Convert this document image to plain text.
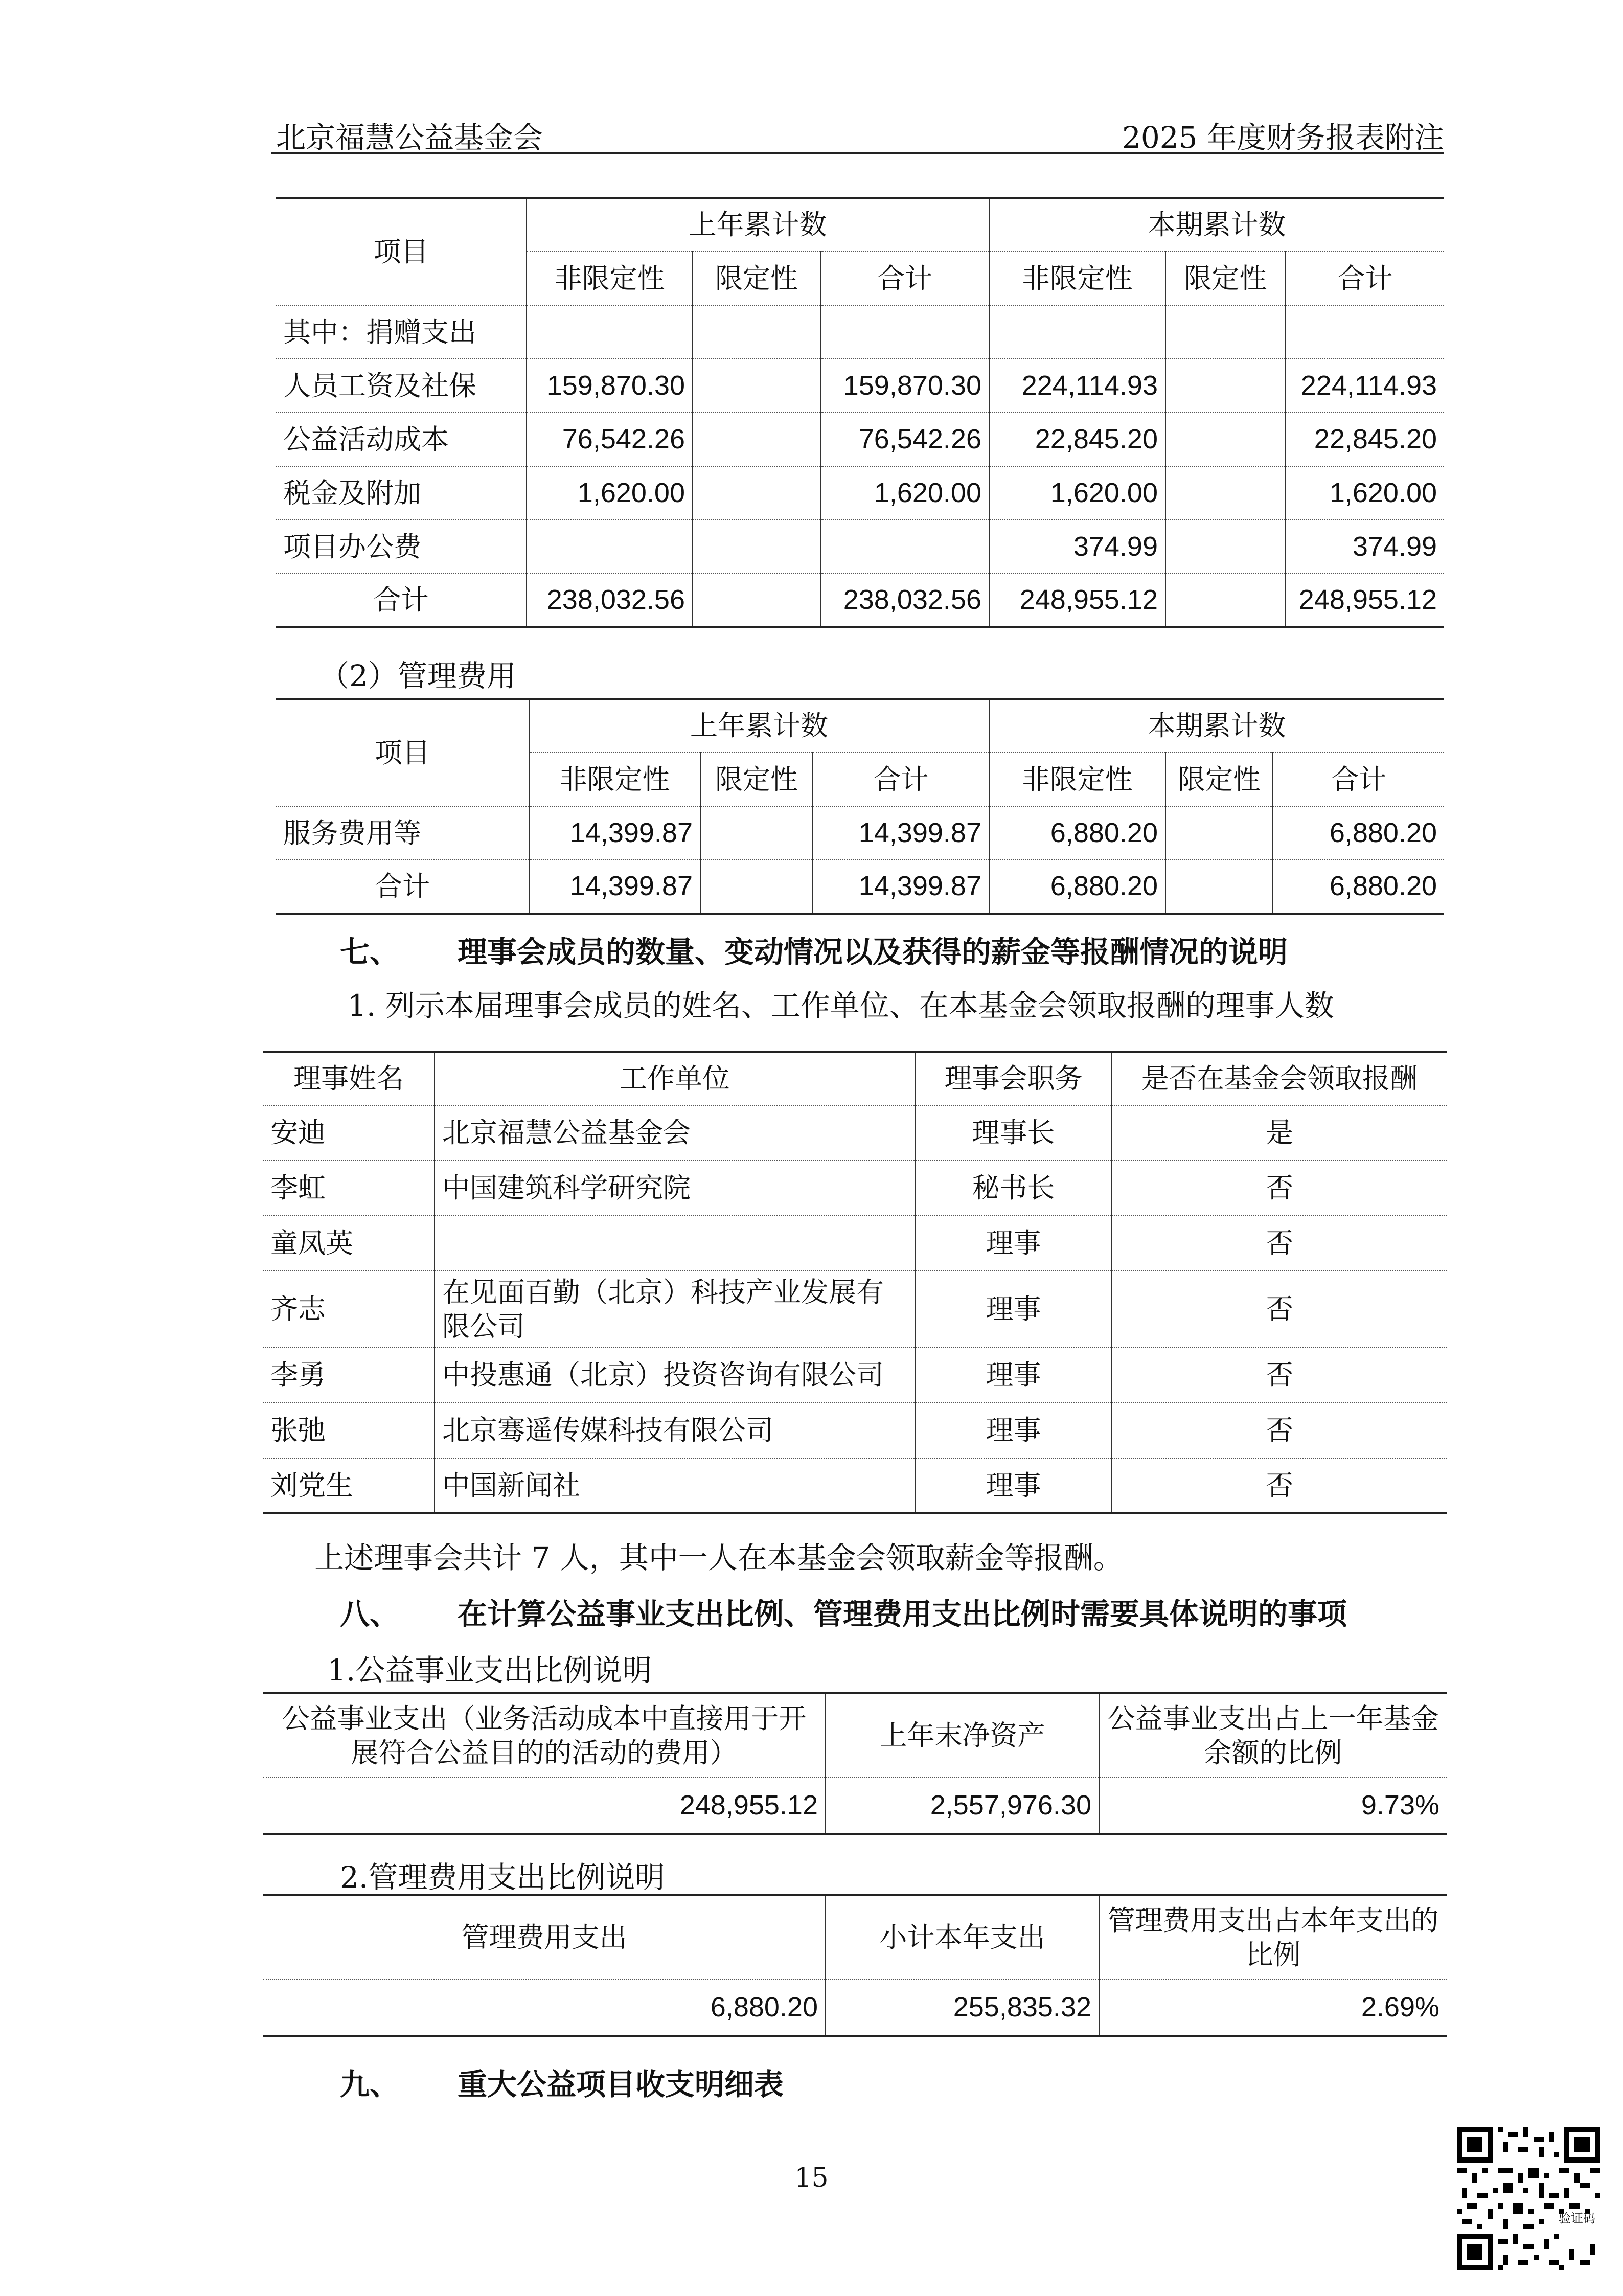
北京福慧公益基金会	2025 年度财务报表附注
项目	上年累计数			本期累计数		
	非限定性	限定性	合计	非限定性	限定性	合计
其中：捐赠支出						
人员工资及社保	159,870.30		159,870.30	224,114.93		224,114.93
公益活动成本	76,542.26		76,542.26	22,845.20		22,845.20
税金及附加	1,620.00		1,620.00	1,620.00		1,620.00
项目办公费				374.99		374.99
合计	238,032.56		238,032.56	248,955.12		248,955.12
（2）管理费用
项目	上年累计数			本期累计数		
	非限定性	限定性	合计	非限定性	限定性	合计
服务费用等	14,399.87		14,399.87	6,880.20		6,880.20
合计	14,399.87		14,399.87	6,880.20		6,880.20
七、 理事会成员的数量、变动情况以及获得的薪金等报酬情况的说明
1. 列示本届理事会成员的姓名、工作单位、在本基金会领取报酬的理事人数
理事姓名	工作单位	理事会职务	是否在基金会领取报酬
安迪	北京福慧公益基金会	理事长	是
李虹	中国建筑科学研究院	秘书长	否
童凤英		理事	否
齐志	在见面百勤（北京）科技产业发展有限公司	理事	否
李勇	中投惠通（北京）投资咨询有限公司	理事	否
张弛	北京骞遥传媒科技有限公司	理事	否
刘党生	中国新闻社	理事	否
上述理事会共计 7 人，其中一人在本基金会领取薪金等报酬。
八、 在计算公益事业支出比例、管理费用支出比例时需要具体说明的事项
1.公益事业支出比例说明
公益事业支出（业务活动成本中直接用于开展符合公益目的的活动的费用）	上年末净资产	公益事业支出占上一年基金余额的比例
248,955.12	2,557,976.30	9.73%
2.管理费用支出比例说明
管理费用支出	小计本年支出	管理费用支出占本年支出的比例
6,880.20	255,835.32	2.69%
九、 重大公益项目收支明细表
15
验证码
